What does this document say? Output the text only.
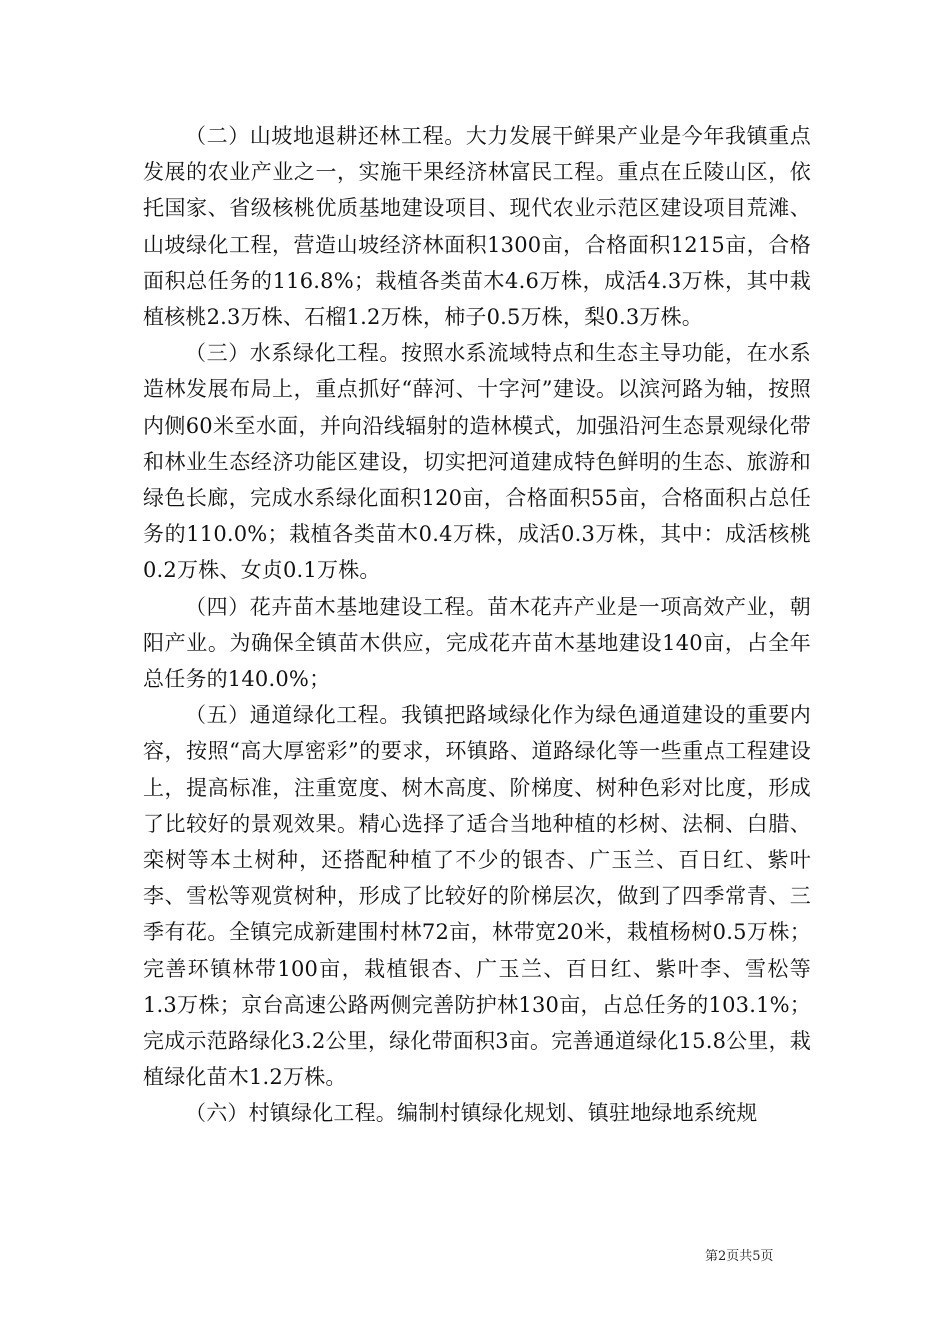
（二）山坡地退耕还林工程。大力发展干鲜果产业是今年我镇重点发展的农业产业之一，实施干果经济林富民工程。重点在丘陵山区，依托国家、省级核桃优质基地建设项目、现代农业示范区建设项目荒滩、山坡绿化工程，营造山坡经济林面积1300亩，合格面积1215亩，合格面积总任务的116.8%；栽植各类苗木4.6万株，成活4.3万株，其中栽植核桃2.3万株、石榴1.2万株，柿子0.5万株，梨0.3万株。

（三）水系绿化工程。按照水系流域特点和生态主导功能，在水系造林发展布局上，重点抓好“薛河、十字河”建设。以滨河路为轴，按照内侧60米至水面，并向沿线辐射的造林模式，加强沿河生态景观绿化带和林业生态经济功能区建设，切实把河道建成特色鲜明的生态、旅游和绿色长廊，完成水系绿化面积120亩，合格面积55亩，合格面积占总任务的110.0%；栽植各类苗木0.4万株，成活0.3万株，其中：成活核桃0.2万株、女贞0.1万株。

（四）花卉苗木基地建设工程。苗木花卉产业是一项高效产业，朝阳产业。为确保全镇苗木供应，完成花卉苗木基地建设140亩，占全年总任务的140.0%；

（五）通道绿化工程。我镇把路域绿化作为绿色通道建设的重要内容，按照“高大厚密彩”的要求，环镇路、道路绿化等一些重点工程建设上，提高标准，注重宽度、树木高度、阶梯度、树种色彩对比度，形成了比较好的景观效果。精心选择了适合当地种植的杉树、法桐、白腊、栾树等本土树种，还搭配种植了不少的银杏、广玉兰、百日红、紫叶李、雪松等观赏树种，形成了比较好的阶梯层次，做到了四季常青、三季有花。全镇完成新建围村林72亩，林带宽20米，栽植杨树0.5万株；完善环镇林带100亩，栽植银杏、广玉兰、百日红、紫叶李、雪松等1.3万株；京台高速公路两侧完善防护林130亩，占总任务的103.1%；完成示范路绿化3.2公里，绿化带面积3亩。完善通道绿化15.8公里，栽植绿化苗木1.2万株。

（六）村镇绿化工程。编制村镇绿化规划、镇驻地绿地系统规

第2页共5页
